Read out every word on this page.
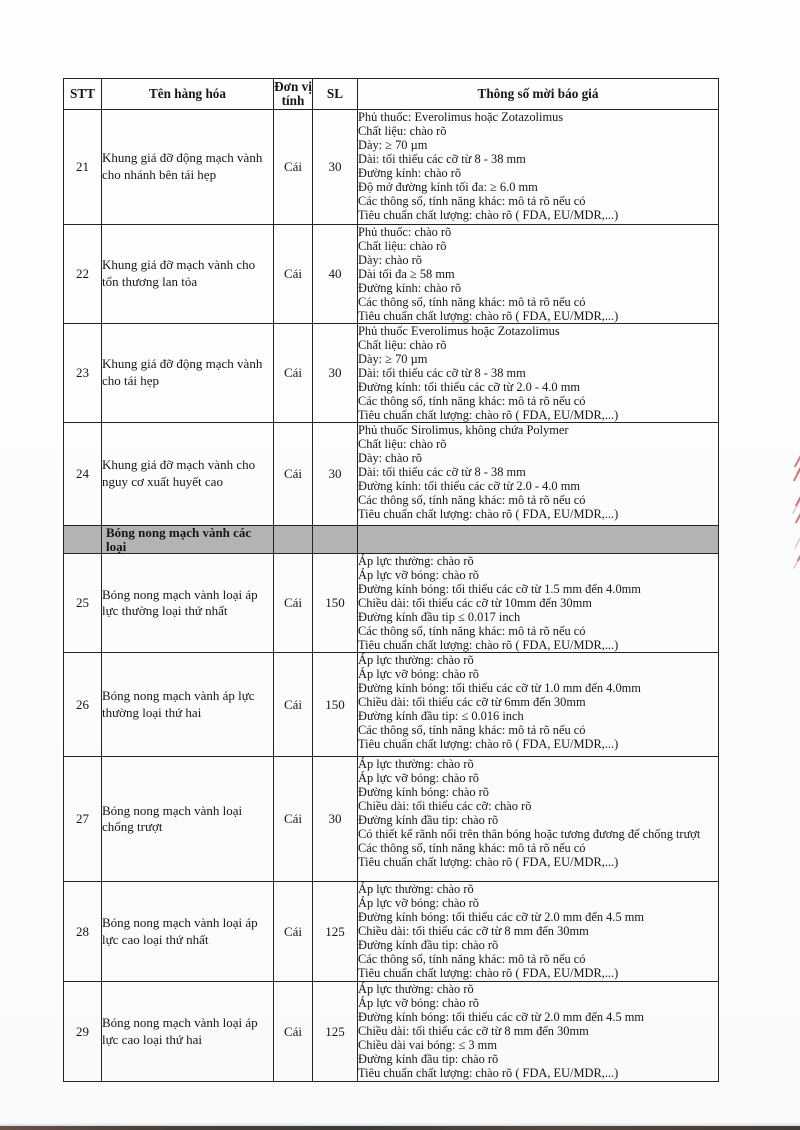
STT	Tên hàng hóa	Đơn vị tính	SL	Thông số mời báo giá
21	Khung giá đỡ động mạch vành cho nhánh bên tái hẹp	Cái	30	
Phủ thuốc: Everolimus hoặc Zotazolimus
Chất liệu: chào rõ
Dày: ≥ 70 µm
Dài: tối thiểu các cỡ từ 8 - 38 mm
Đường kính: chào rõ
Độ mở đường kính tối đa: ≥ 6.0 mm
Các thông số, tính năng khác: mô tả rõ nếu có
Tiêu chuẩn chất lượng: chào rõ ( FDA, EU/MDR,...)

22	Khung giá đỡ mạch vành cho tổn thương lan tỏa	Cái	40	
Phủ thuốc: chào rõ
Chất liệu: chào rõ
Dày: chào rõ
Dài tối đa ≥ 58 mm
Đường kính: chào rõ
Các thông số, tính năng khác: mô tả rõ nếu có
Tiêu chuẩn chất lượng: chào rõ ( FDA, EU/MDR,...)

23	Khung giá đỡ động mạch vành cho tái hẹp	Cái	30	
Phủ thuốc Everolimus hoặc Zotazolimus
Chất liệu: chào rõ
Dày: ≥ 70 µm
Dài: tối thiểu các cỡ từ 8 - 38 mm
Đường kính: tối thiểu các cỡ từ 2.0 - 4.0 mm
Các thông số, tính năng khác: mô tả rõ nếu có
Tiêu chuẩn chất lượng: chào rõ ( FDA, EU/MDR,...)

24	Khung giá đỡ mạch vành cho nguy cơ xuất huyết cao	Cái	30	
Phủ thuốc Sirolimus, không chứa Polymer
Chất liệu: chào rõ
Dày: chào rõ
Dài: tối thiểu các cỡ từ 8 - 38 mm
Đường kính: tối thiểu các cỡ từ 2.0 - 4.0 mm
Các thông số, tính năng khác: mô tả rõ nếu có
Tiêu chuẩn chất lượng: chào rõ ( FDA, EU/MDR,...)

	Bóng nong mạch vành các loại			
25	Bóng nong mạch vành loại áp lực thường loại thứ nhất	Cái	150	
Áp lực thường: chào rõ
Áp lực vỡ bóng: chào rõ
Đường kính bóng: tối thiểu các cỡ từ 1.5 mm đến 4.0mm
Chiều dài: tối thiểu các cỡ từ 10mm đến 30mm
Đường kính đầu tip ≤ 0.017 inch
Các thông số, tính năng khác: mô tả rõ nếu có
Tiêu chuẩn chất lượng: chào rõ ( FDA, EU/MDR,...)

26	Bóng nong mạch vành áp lực thường loại thứ hai	Cái	150	
Áp lực thường: chào rõ
Áp lực vỡ bóng: chào rõ
Đường kính bóng: tối thiểu các cỡ từ 1.0 mm đến 4.0mm
Chiều dài: tối thiểu các cỡ từ 6mm đến 30mm
Đường kính đầu tip: ≤ 0.016 inch
Các thông số, tính năng khác: mô tả rõ nếu có
Tiêu chuẩn chất lượng: chào rõ ( FDA, EU/MDR,...)

27	Bóng nong mạch vành loại chống trượt	Cái	30	
Áp lực thường: chào rõ
Áp lực vỡ bóng: chào rõ
Đường kính bóng: chào rõ
Chiều dài: tối thiểu các cỡ: chào rõ
Đường kính đầu tip: chào rõ
Có thiết kế rãnh nổi trên thân bóng hoặc tương đương để chống trượt
Các thông số, tính năng khác: mô tả rõ nếu có
Tiêu chuẩn chất lượng: chào rõ ( FDA, EU/MDR,...)

28	Bóng nong mạch vành loại áp lực cao loại thứ nhất	Cái	125	
Áp lực thường: chào rõ
Áp lực vỡ bóng: chào rõ
Đường kính bóng: tối thiểu các cỡ từ 2.0 mm đến 4.5 mm
Chiều dài: tối thiểu các cỡ từ 8 mm đến 30mm
Đường kính đầu tip: chào rõ
Các thông số, tính năng khác: mô tả rõ nếu có
Tiêu chuẩn chất lượng: chào rõ ( FDA, EU/MDR,...)

29	Bóng nong mạch vành loại áp lực cao loại thứ hai	Cái	125	
Áp lực thường: chào rõ
Áp lực vỡ bóng: chào rõ
Đường kính bóng: tối thiểu các cỡ từ 2.0 mm đến 4.5 mm
Chiều dài: tối thiểu các cỡ từ 8 mm đến 30mm
Chiều dài vai bóng: ≤ 3 mm
Đường kính đầu tip: chào rõ
Tiêu chuẩn chất lượng: chào rõ ( FDA, EU/MDR,...)
